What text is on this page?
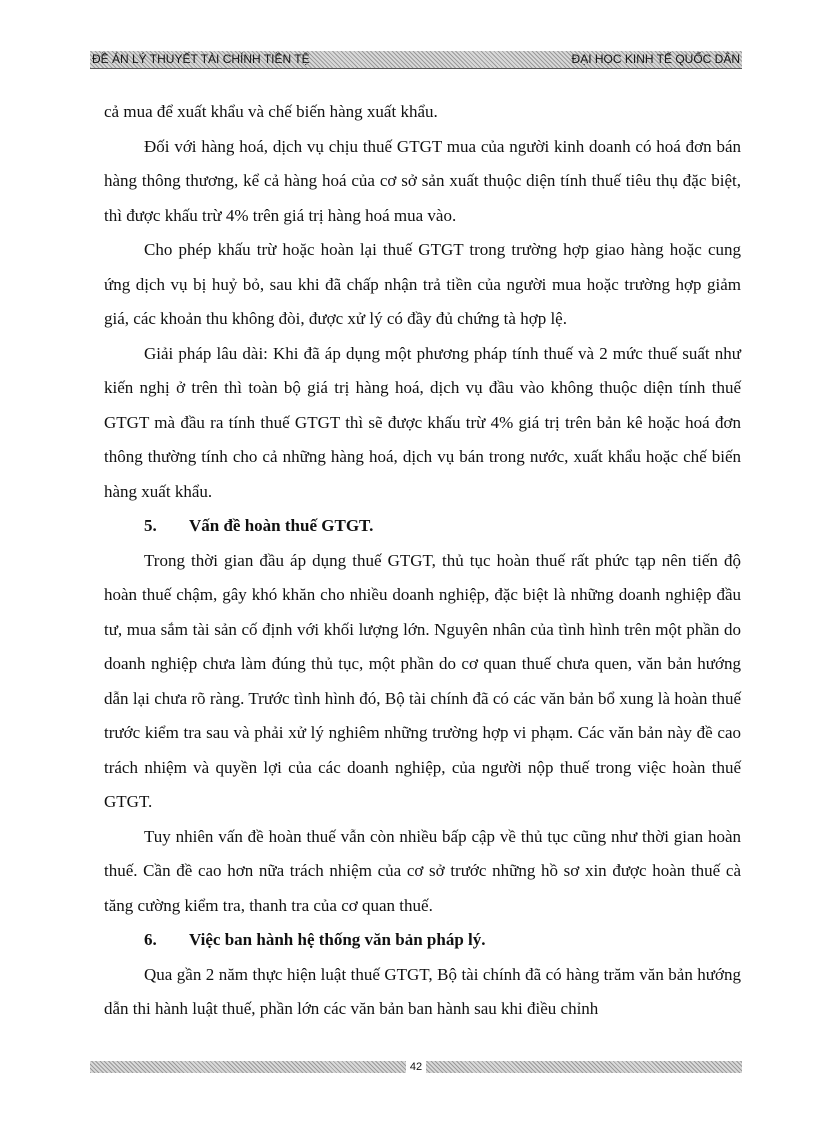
ĐỀ ÁN LÝ THUYẾT TÀI CHÍNH TIỀN TỆ	ĐẠI HỌC KINH TẾ QUỐC DÂN

cả mua để xuất khẩu và chế biến hàng xuất khẩu.

Đối với hàng hoá, dịch vụ chịu thuế GTGT mua của người kinh doanh có hoá đơn bán hàng thông thương, kể cả hàng hoá của cơ sở sản xuất thuộc diện tính thuế tiêu thụ đặc biệt, thì được khấu trừ 4% trên giá trị hàng hoá mua vào.

Cho phép khấu trừ hoặc hoàn lại thuế GTGT trong trường hợp giao hàng hoặc cung ứng dịch vụ bị huỷ bỏ, sau khi đã chấp nhận trả tiền của người mua hoặc trường hợp giảm giá, các khoản thu không đòi, được xử lý có đầy đủ chứng tà hợp lệ.

Giải pháp lâu dài: Khi đã áp dụng một phương pháp tính thuế và 2 mức thuế suất như kiến nghị ở trên thì toàn bộ giá trị hàng hoá, dịch vụ đầu vào không thuộc diện tính thuế GTGT mà đầu ra tính thuế GTGT thì sẽ được khấu trừ 4% giá trị trên bản kê hoặc hoá đơn thông thường tính cho cả những hàng hoá, dịch vụ bán trong nước, xuất khẩu hoặc chế biến hàng xuất khẩu.

5. Vấn đề hoàn thuế GTGT.

Trong thời gian đầu áp dụng thuế GTGT, thủ tục hoàn thuế rất phức tạp nên tiến độ hoàn thuế chậm, gây khó khăn cho nhiều doanh nghiệp, đặc biệt là những doanh nghiệp đầu tư, mua sắm tài sản cố định với khối lượng lớn. Nguyên nhân của tình hình trên một phần do doanh nghiệp chưa làm đúng thủ tục, một phần do cơ quan thuế chưa quen, văn bản hướng dẫn lại chưa rõ ràng. Trước tình hình đó, Bộ tài chính đã có các văn bản bổ xung là hoàn thuế trước kiểm tra sau và phải xử lý nghiêm những trường hợp vi phạm. Các văn bản này đề cao trách nhiệm và quyền lợi của các doanh nghiệp, của người nộp thuế trong việc hoàn thuế GTGT.

Tuy nhiên vấn đề hoàn thuế vẫn còn nhiều bấp cập về thủ tục cũng như thời gian hoàn thuế. Cần đề cao hơn nữa trách nhiệm của cơ sở trước những hồ sơ xin được hoàn thuế cà tăng cường kiểm tra, thanh tra của cơ quan thuế.

6. Việc ban hành hệ thống văn bản pháp lý.

Qua gần 2 năm thực hiện luật thuế GTGT, Bộ tài chính đã có hàng trăm văn bản hướng dẫn thi hành luật thuế, phần lớn các văn bản ban hành sau khi điều chỉnh

42
